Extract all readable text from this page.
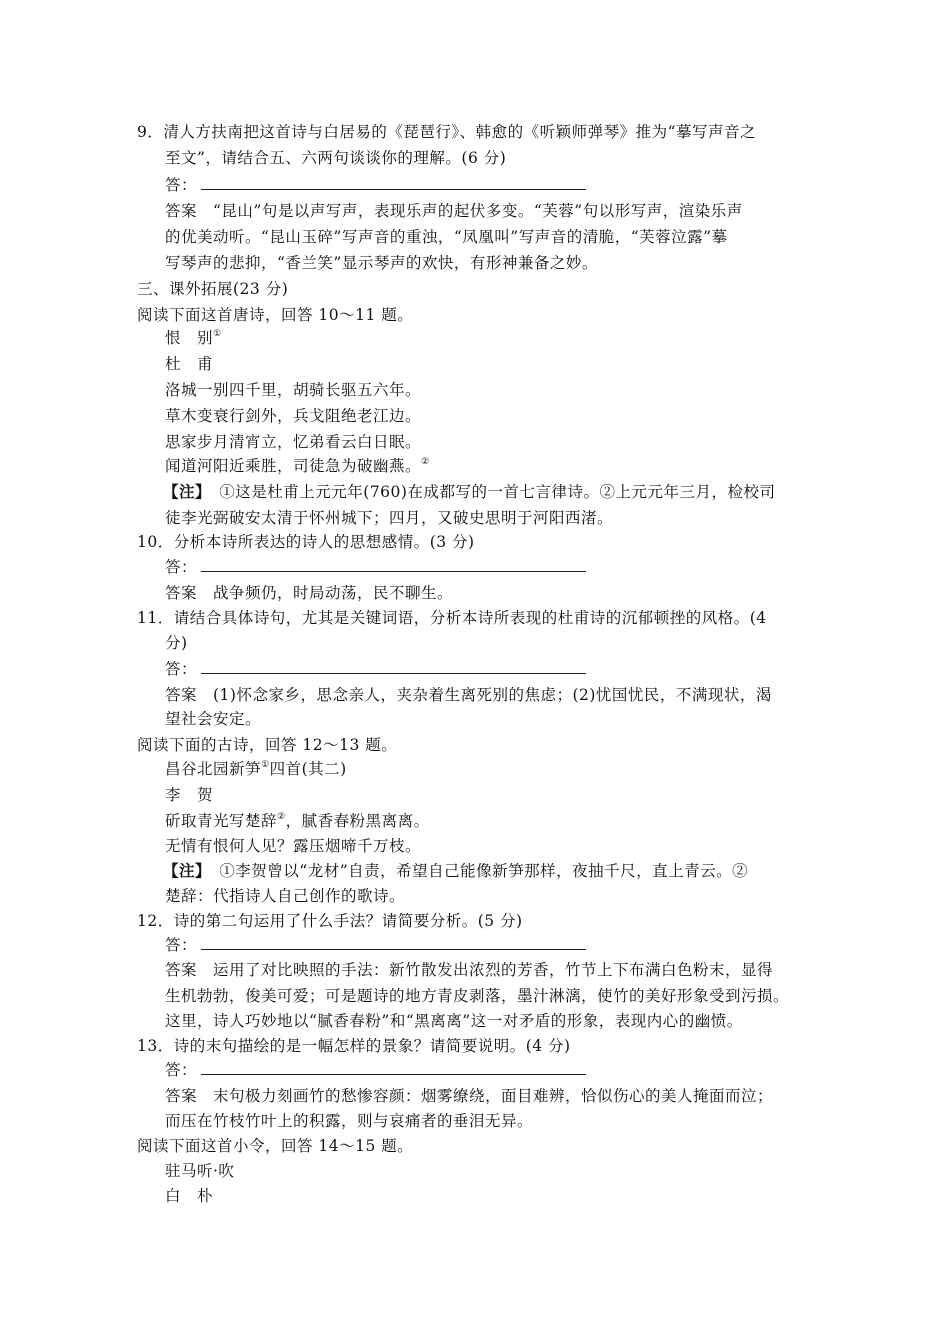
9．清人方扶南把这首诗与白居易的《琵琶行》、韩愈的《听颖师弹琴》推为“摹写声音之
至文”，请结合五、六两句谈谈你的理解。(6 分)
答：
答案　“昆山”句是以声写声，表现乐声的起伏多变。“芙蓉”句以形写声，渲染乐声
的优美动听。“昆山玉碎”写声音的重浊，“凤凰叫”写声音的清脆，“芙蓉泣露”摹
写琴声的悲抑，“香兰笑”显示琴声的欢快，有形神兼备之妙。
三、课外拓展(23 分)
阅读下面这首唐诗，回答 10～11 题。
恨　别①
杜　甫
洛城一别四千里，胡骑长驱五六年。
草木变衰行剑外，兵戈阻绝老江边。
思家步月清宵立，忆弟看云白日眠。
闻道河阳近乘胜，司徒急为破幽燕。②
【注】　①这是杜甫上元元年(760)在成都写的一首七言律诗。②上元元年三月，检校司
徒李光弼破安太清于怀州城下；四月，又破史思明于河阳西渚。
10．分析本诗所表达的诗人的思想感情。(3 分)
答：
答案　战争频仍，时局动荡，民不聊生。
11．请结合具体诗句，尤其是关键词语，分析本诗所表现的杜甫诗的沉郁顿挫的风格。(4
分)
答：
答案　(1)怀念家乡，思念亲人，夹杂着生离死别的焦虑；(2)忧国忧民，不满现状，渴
望社会安定。
阅读下面的古诗，回答 12～13 题。
昌谷北园新笋①四首(其二)
李　贺
斫取青光写楚辞②，腻香春粉黑离离。
无情有恨何人见？露压烟啼千万枝。
【注】　①李贺曾以“龙材”自责，希望自己能像新笋那样，夜抽千尺，直上青云。②
楚辞：代指诗人自己创作的歌诗。
12．诗的第二句运用了什么手法？请简要分析。(5 分)
答：
答案　运用了对比映照的手法：新竹散发出浓烈的芳香，竹节上下布满白色粉末，显得
生机勃勃，俊美可爱；可是题诗的地方青皮剥落，墨汁淋漓，使竹的美好形象受到污损。
这里，诗人巧妙地以“腻香春粉”和“黑离离”这一对矛盾的形象，表现内心的幽愤。
13．诗的末句描绘的是一幅怎样的景象？请简要说明。(4 分)
答：
答案　末句极力刻画竹的愁惨容颜：烟雾缭绕，面目难辨，恰似伤心的美人掩面而泣；
而压在竹枝竹叶上的积露，则与哀痛者的垂泪无异。
阅读下面这首小令，回答 14～15 题。
驻马听·吹
白　朴
